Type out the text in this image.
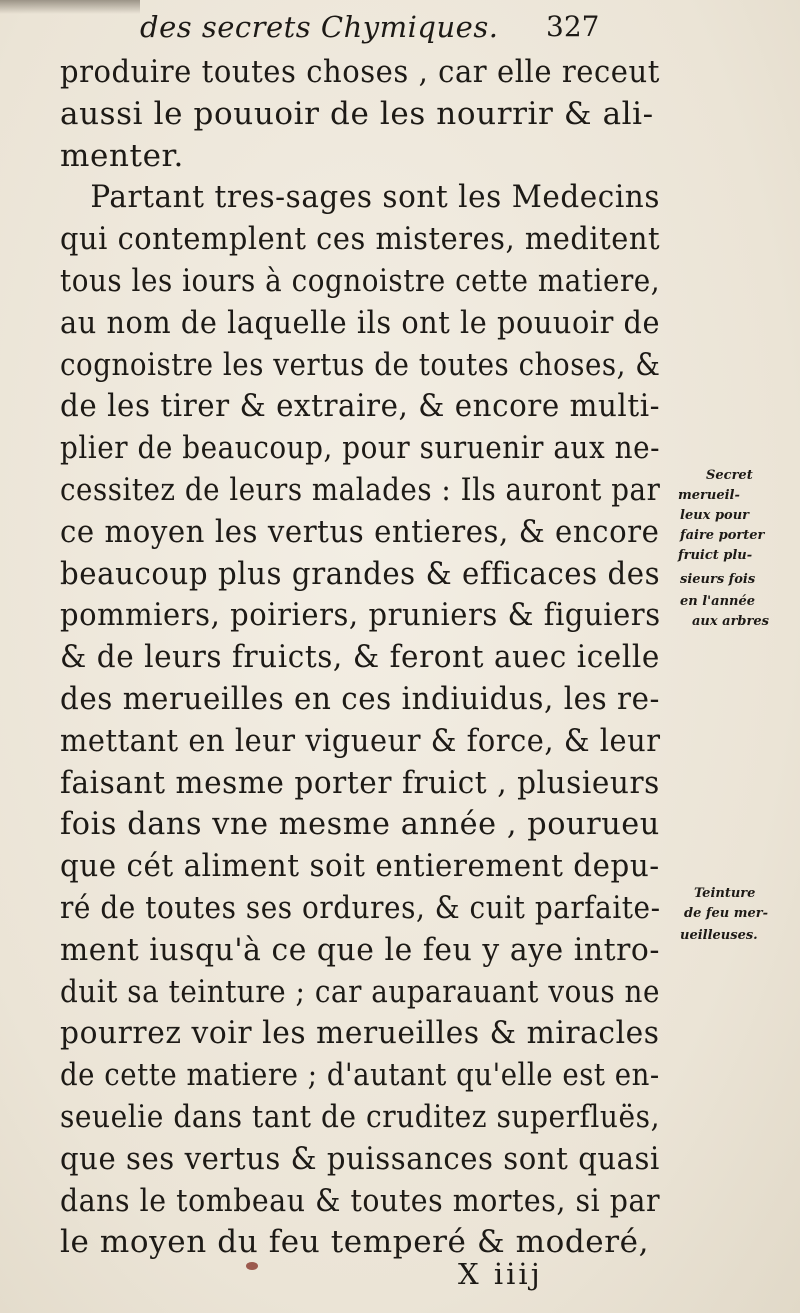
des secrets Chymiques. 327
produire toutes choses , car elle receut
aussi le pouuoir de les nourrir & ali-
menter.
Partant tres-sages sont les Medecins
qui contemplent ces misteres, meditent
tous les iours à cognoistre cette matiere,
au nom de laquelle ils ont le pouuoir de
cognoistre les vertus de toutes choses, &
de les tirer & extraire, & encore multi-
plier de beaucoup, pour suruenir aux ne-
cessitez de leurs malades : Ils auront par
ce moyen les vertus entieres, & encore
beaucoup plus grandes & efficaces des
pommiers, poiriers, pruniers & figuiers
& de leurs fruicts, & feront auec icelle
des merueilles en ces indiuidus, les re-
mettant en leur vigueur & force, & leur
faisant mesme porter fruict , plusieurs
fois dans vne mesme année , pourueu
que cét aliment soit entierement depu-
ré de toutes ses ordures, & cuit parfaite-
ment iusqu'à ce que le feu y aye intro-
duit sa teinture ; car auparauant vous ne
pourrez voir les merueilles & miracles
de cette matiere ; d'autant qu'elle est en-
seuelie dans tant de cruditez superfluës,
que ses vertus & puissances sont quasi
dans le tombeau & toutes mortes, si par
le moyen du feu temperé & moderé,
Secret
merueil-
leux pour
faire porter
fruict plu-
sieurs fois
en l'année
aux arbres
Teinture
de feu mer-
ueilleuses.
X iiij
